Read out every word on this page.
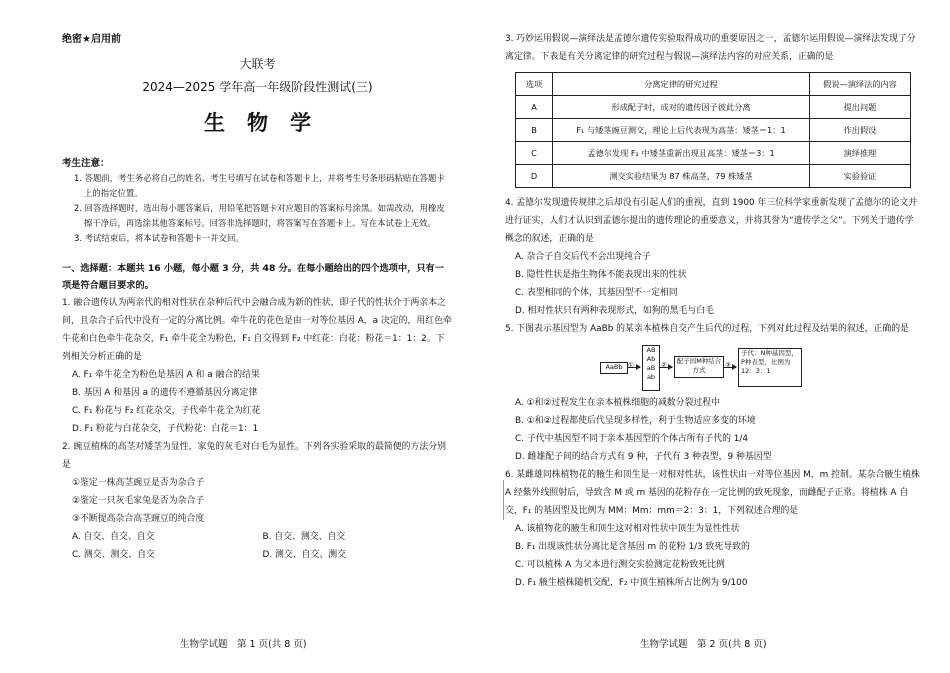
绝密★启用前
大联考
2024—2025 学年高一年级阶段性测试(三)
生物学
考生注意：

1. 答题前，考生务必将自己的姓名、考生号填写在试卷和答题卡上，并将考生号条形码粘贴在答题卡上的指定位置。

2. 回答选择题时，选出每小题答案后，用铅笔把答题卡对应题目的答案标号涂黑。如需改动，用橡皮擦干净后，再选涂其他答案标号。回答非选择题时，将答案写在答题卡上。写在本试卷上无效。

3. 考试结束后，将本试卷和答题卡一并交回。

一、选择题：本题共 16 小题，每小题 3 分，共 48 分。在每小题给出的四个选项中，只有一项是符合题目要求的。

1. 融合遗传认为两亲代的相对性状在杂种后代中会融合成为新的性状，即子代的性状介于两亲本之间，且杂合子后代中没有一定的分离比例。牵牛花的花色是由一对等位基因 A，a 决定的，用红色牵牛花和白色牵牛花杂交，F₁ 牵牛花全为粉色，F₁ 自交得到 F₂ 中红花：白花：粉花＝1：1：2。下列相关分析正确的是

A. F₁ 牵牛花全为粉色是基因 A 和 a 融合的结果

B. 基因 A 和基因 a 的遗传不遵循基因分离定律

C. F₁ 粉花与 F₂ 红花杂交，子代牵牛花全为红花

D. F₁ 粉花与白花杂交，子代粉花：白花＝1：1

2. 豌豆植株的高茎对矮茎为显性，家兔的灰毛对白毛为显性。下列各实验采取的最简便的方法分别是

①鉴定一株高茎豌豆是否为杂合子

②鉴定一只灰毛家兔是否为杂合子

③不断提高杂合高茎豌豆的纯合度

A. 自交、自交、自交	B. 自交、测交、自交
C. 测交、测交、自交	D. 测交、自交、测交
生物学试题　第 1 页(共 8 页)

3. 巧妙运用假说—演绎法是孟德尔遗传实验取得成功的重要原因之一，孟德尔运用假说—演绎法发现了分离定律。下表是有关分离定律的研究过程与假说—演绎法内容的对应关系，正确的是

选项	分离定律的研究过程	假说—演绎法的内容
A	形成配子时，成对的遗传因子彼此分离	提出问题
B	F₁ 与矮茎豌豆测交，理论上后代表现为高茎：矮茎＝1：1	作出假设
C	孟德尔发现 F₂ 中矮茎重新出现且高茎：矮茎＝3：1	演绎推理
D	测交实验结果为 87 株高茎，79 株矮茎	实验验证

4. 孟德尔发现遗传规律之后却没有引起人们的重视，直到 1900 年三位科学家重新发现了孟德尔的论文并进行证实，人们才认识到孟德尔提出的遗传理论的重要意义，并将其誉为“遗传学之父”。下列关于遗传学概念的叙述，正确的是

A. 杂合子自交后代不会出现纯合子

B. 隐性性状是指生物体不能表现出来的性状

C. 表型相同的个体，其基因型不一定相同

D. 相对性状只有两种表现形式，如狗的黑毛与白毛

5. 下图表示基因型为 AaBb 的某亲本植株自交产生后代的过程，下列对此过程及结果的叙述，正确的是

AaBb ①
AB
Ab
aB
ab
②	配子间M种结合方式
③
子代：N种基因型，P种表型，比例为12：3：1

A. ①和②过程发生在亲本植株细胞的减数分裂过程中

B. ①和②过程都使后代呈现多样性，利于生物适应多变的环境

C. 子代中基因型不同于亲本基因型的个体占所有子代的 1/4

D. 雌雄配子间的结合方式有 9 种，子代有 3 种表型，9 种基因型

6. 某雌雄同株植物花的腋生和顶生是一对相对性状，该性状由一对等位基因 M，m 控制。某杂合腋生植株 A 经紫外线照射后，导致含 M 或 m 基因的花粉存在一定比例的致死现象，而雌配子正常。将植株 A 自交，F₁ 的基因型及比例为 MM：Mm：mm＝2：3：1，下列叙述合理的是

A. 该植物花的腋生和顶生这对相对性状中顶生为显性性状

B. F₁ 出现该性状分离比是含基因 m 的花粉 1/3 致死导致的

C. 可以植株 A 为父本进行测交实验测定花粉致死比例

D. F₁ 腋生植株随机交配，F₂ 中顶生植株所占比例为 9/100

生物学试题　第 2 页(共 8 页)
